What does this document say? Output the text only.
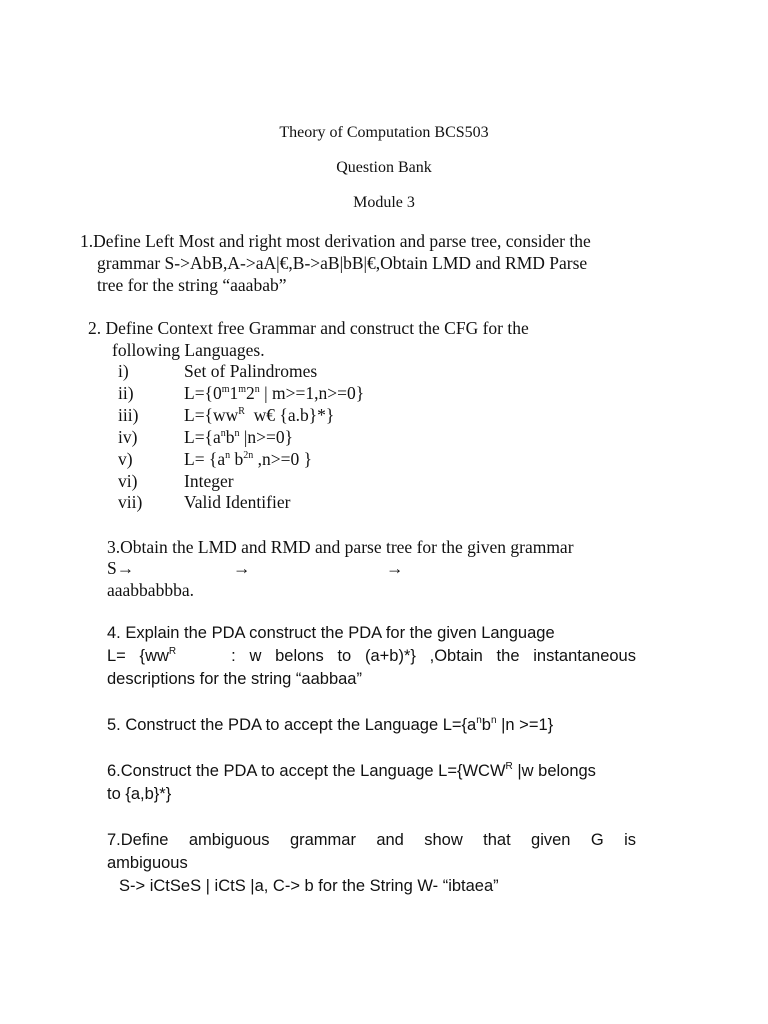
Theory of Computation BCS503
Question Bank
Module 3
1.Define Left Most and right most derivation and parse tree, consider the
grammar S->AbB,A->aA|€,B->aB|bB|€,Obtain LMD and RMD Parse
tree for the string “aaabab”
2. Define Context free Grammar and construct the CFG for the
following Languages.
i)	Set of Palindromes
ii)	$L=\{0^m1^m2^n$ | m>=1,n>=0}
iii)	$L=\{ww^R$  w€ {a.b}*}
iv)	$L=\{a^nb^n$ |n>=0}
v)	$L= \{a^n$ $b^{2n}$ ,n>=0 }
vi)	Integer
vii) Valid Identifier
3.Obtain the LMD and RMD and parse tree for the given grammar
S→	→	→
aaabbabbba.
4. Explain the PDA construct the PDA for the given Language
$L= \{ww^R$    : w belons to (a+b)*} ,Obtain the instantaneous
descriptions for the string “aabbaa”
5. Construct the PDA to accept the Language $L=\{a^nb^n$ |n >=1}
6.Construct the PDA to accept the Language $L=\{WCW^R$ |w belongs
to {a,b}*}
7.Define ambiguous grammar and show that given G is
ambiguous
S-> iCtSeS | iCtS |a, C-> b for the String W- “ibtaea”
